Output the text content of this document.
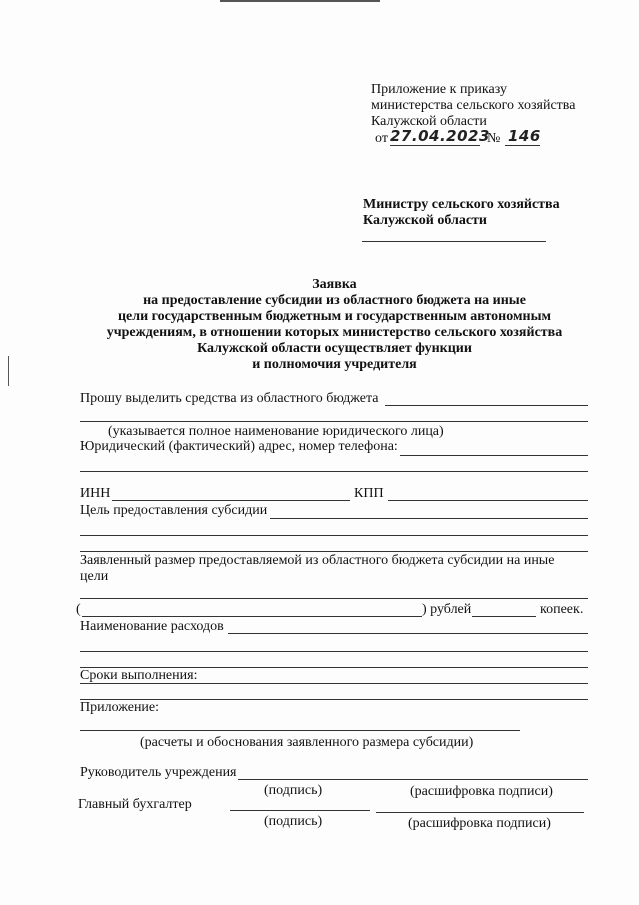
Приложение к приказу
министерства сельского хозяйства
Калужской области
от 27.04.2023
№ 146
Министру сельского хозяйства
Калужской области
Заявка
на предоставление субсидии из областного бюджета на иные
цели государственным бюджетным и государственным автономным
учреждениям, в отношении которых министерство сельского хозяйства
Калужской области осуществляет функции
и полномочия учредителя
Прошу выделить средства из областного бюджета
(указывается полное наименование юридического лица)
Юридический (фактический) адрес, номер телефона:
ИНН	КПП
Цель предоставления субсидии
Заявленный размер предоставляемой из областного бюджета субсидии на иные
цели
(	) рублей	копеек.
Наименование расходов
Сроки выполнения:
Приложение:
(расчеты и обоснования заявленного размера субсидии)
Руководитель учреждения
(подпись)	(расшифровка подписи)
Главный бухгалтер
(подпись)	(расшифровка подписи)
